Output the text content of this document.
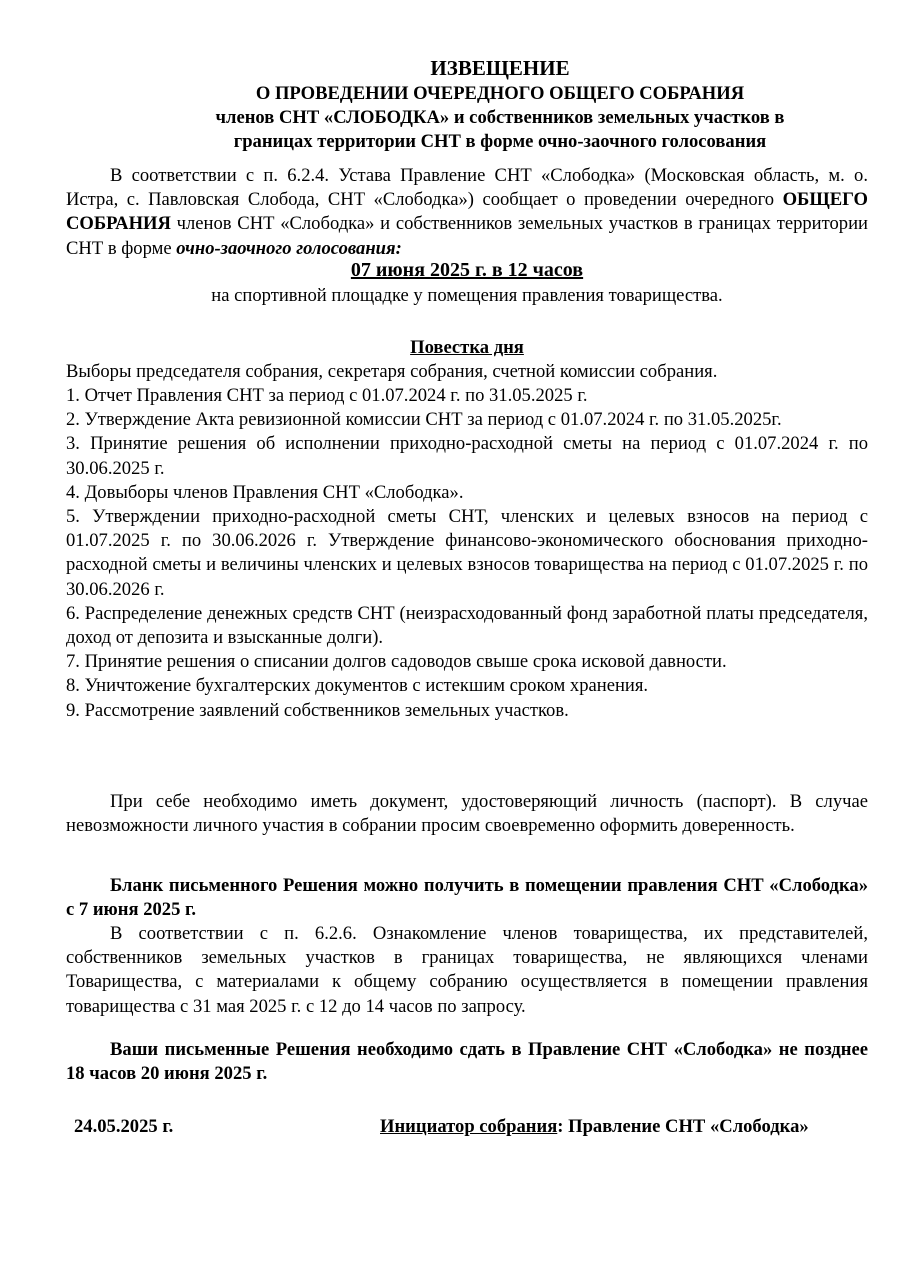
ИЗВЕЩЕНИЕ
О ПРОВЕДЕНИИ ОЧЕРЕДНОГО ОБЩЕГО СОБРАНИЯ
членов СНТ «СЛОБОДКА» и собственников земельных участков в
границах территории СНТ в форме очно-заочного голосования
В соответствии с п. 6.2.4. Устава Правление СНТ «Слободка» (Московская область, м. о. Истра, с. Павловская Слобода, СНТ «Слободка») сообщает о проведении очередного ОБЩЕГО СОБРАНИЯ членов СНТ «Слободка» и собственников земельных участков в границах территории СНТ в форме очно-заочного голосования:
07 июня 2025 г. в 12 часов
на спортивной площадке у помещения правления товарищества.
Повестка дня
Выборы председателя собрания, секретаря собрания, счетной комиссии собрания.
1. Отчет Правления СНТ за период с 01.07.2024 г. по 31.05.2025 г.
2. Утверждение Акта ревизионной комиссии СНТ за период с 01.07.2024 г. по 31.05.2025г.
3. Принятие решения об исполнении приходно-расходной сметы на период с 01.07.2024 г. по 30.06.2025 г.
4. Довыборы членов Правления СНТ «Слободка».
5. Утверждении приходно-расходной сметы СНТ, членских и целевых взносов на период с 01.07.2025 г. по 30.06.2026 г. Утверждение финансово-экономического обоснования приходно-расходной сметы и величины членских и целевых взносов товарищества на период с 01.07.2025 г. по 30.06.2026 г.
6. Распределение денежных средств СНТ (неизрасходованный фонд заработной платы председателя, доход от депозита и взысканные долги).
7. Принятие решения о списании долгов садоводов свыше срока исковой давности.
8. Уничтожение бухгалтерских документов с истекшим сроком хранения.
9. Рассмотрение заявлений собственников земельных участков.
При себе необходимо иметь документ, удостоверяющий личность (паспорт). В случае невозможности личного участия в собрании просим своевременно оформить доверенность.
Бланк письменного Решения можно получить в помещении правления СНТ «Слободка» с 7 июня 2025 г.
В соответствии с п. 6.2.6. Ознакомление членов товарищества, их представителей, собственников земельных участков в границах товарищества, не являющихся членами Товарищества, с материалами к общему собранию осуществляется в помещении правления товарищества с 31 мая 2025 г. с 12 до 14 часов по запросу.
Ваши письменные Решения необходимо сдать в Правление СНТ «Слободка» не позднее 18 часов 20 июня 2025 г.
24.05.2025 г.	Инициатор собрания: Правление СНТ «Слободка»
